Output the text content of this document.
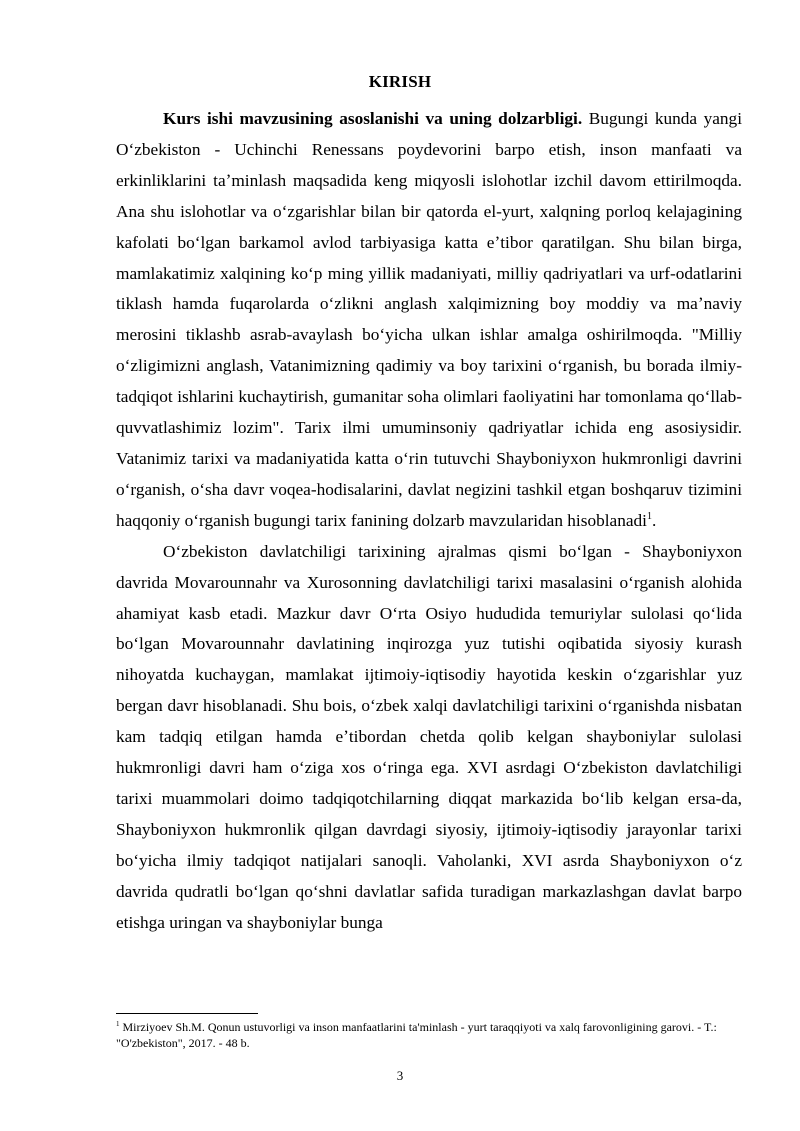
KIRISH

Kurs ishi mavzusining asoslanishi va uning dolzarbligi. Bugungi kunda yangi Oʻzbekiston - Uchinchi Renessans poydevorini barpo etish, inson manfaati va erkinliklarini taʼminlash maqsadida keng miqyosli islohotlar izchil davom ettirilmoqda. Ana shu islohotlar va oʻzgarishlar bilan bir qatorda el-yurt, xalqning porloq kelajagining kafolati boʻlgan barkamol avlod tarbiyasiga katta eʼtibor qaratilgan. Shu bilan birga, mamlakatimiz xalqining koʻp ming yillik madaniyati, milliy qadriyatlari va urf-odatlarini tiklash hamda fuqarolarda oʻzlikni anglash xalqimizning boy moddiy va maʼnaviy merosini tiklashb asrab-avaylash boʻyicha ulkan ishlar amalga oshirilmoqda. "Milliy oʻzligimizni anglash, Vatanimizning qadimiy va boy tarixini oʻrganish, bu borada ilmiy-tadqiqot ishlarini kuchaytirish, gumanitar soha olimlari faoliyatini har tomonlama qoʻllab-quvvatlashimiz lozim". Tarix ilmi umuminsoniy qadriyatlar ichida eng asosiysidir. Vatanimiz tarixi va madaniyatida katta oʻrin tutuvchi Shayboniyxon hukmronligi davrini oʻrganish, oʻsha davr voqea-hodisalarini, davlat negizini tashkil etgan boshqaruv tizimini haqqoniy oʻrganish bugungi tarix fanining dolzarb mavzularidan hisoblanadi$^1$.

Oʻzbekiston davlatchiligi tarixining ajralmas qismi boʻlgan - Shayboniyxon davrida Movarounnahr va Xurosonning davlatchiligi tarixi masalasini oʻrganish alohida ahamiyat kasb etadi. Mazkur davr Oʻrta Osiyo hududida temuriylar sulolasi qoʻlida boʻlgan Movarounnahr davlatining inqirozga yuz tutishi oqibatida siyosiy kurash nihoyatda kuchaygan, mamlakat ijtimoiy-iqtisodiy hayotida keskin oʻzgarishlar yuz bergan davr hisoblanadi. Shu bois, oʻzbek xalqi davlatchiligi tarixini oʻrganishda nisbatan kam tadqiq etilgan hamda eʼtibordan chetda qolib kelgan shayboniylar sulolasi hukmronligi davri ham oʻziga xos oʻringa ega. XVI asrdagi Oʻzbekiston davlatchiligi tarixi muammolari doimo tadqiqotchilarning diqqat markazida boʻlib kelgan ersa-da, Shayboniyxon hukmronlik qilgan davrdagi siyosiy, ijtimoiy-iqtisodiy jarayonlar tarixi boʻyicha ilmiy tadqiqot natijalari sanoqli. Vaholanki, XVI asrda Shayboniyxon oʻz davrida qudratli boʻlgan qoʻshni davlatlar safida turadigan markazlashgan davlat barpo etishga uringan va shayboniylar bunga

$^1$ Mirziyoev Sh.M. Qonun ustuvorligi va inson manfaatlarini ta'minlash - yurt taraqqiyoti va xalq farovonligining garovi. - T.: "O'zbekiston", 2017. - 48 b.
3
